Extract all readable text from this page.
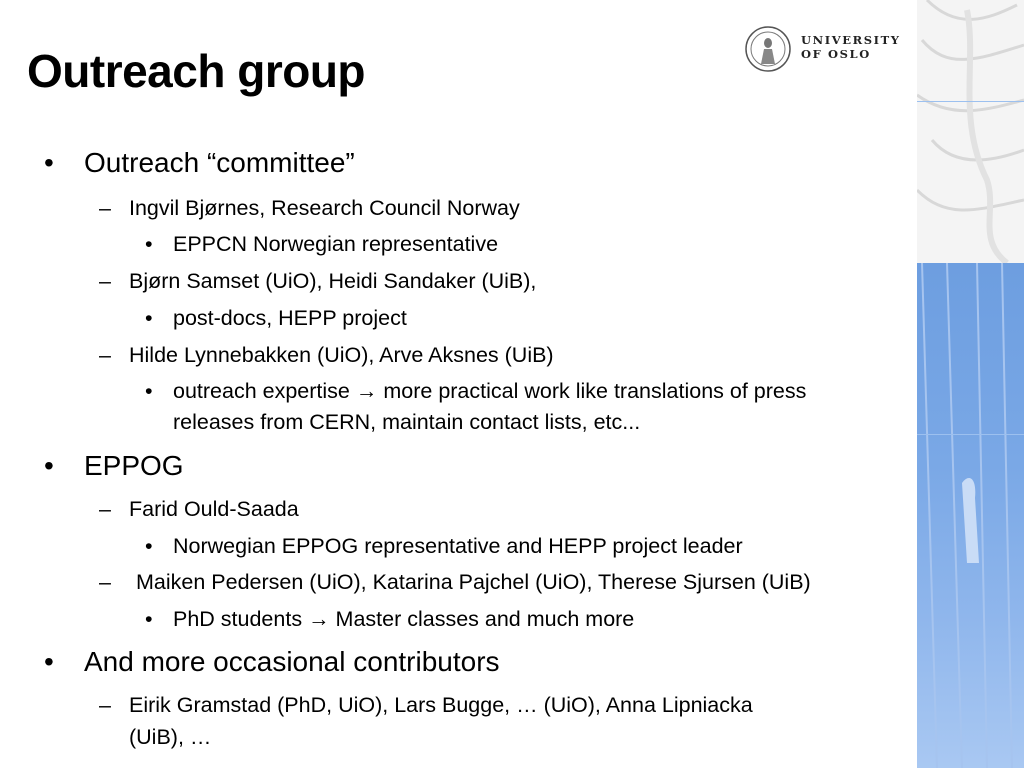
Outreach group
UNIVERSITY
OF OSLO
• Outreach “committee”
– Ingvil Bjørnes, Research Council Norway
• EPPCN Norwegian representative
– Bjørn Samset (UiO), Heidi Sandaker (UiB),
• post-docs, HEPP project
– Hilde Lynnebakken (UiO), Arve Aksnes (UiB)
• outreach expertise → more practical work like translations of press
releases from CERN, maintain contact lists, etc...
• EPPOG
– Farid Ould-Saada
• Norwegian EPPOG representative and HEPP project leader
– Maiken Pedersen (UiO), Katarina Pajchel (UiO), Therese Sjursen (UiB)
• PhD students → Master classes and much more
• And more occasional contributors
– Eirik Gramstad (PhD, UiO), Lars Bugge, … (UiO), Anna Lipniacka
(UiB), …
